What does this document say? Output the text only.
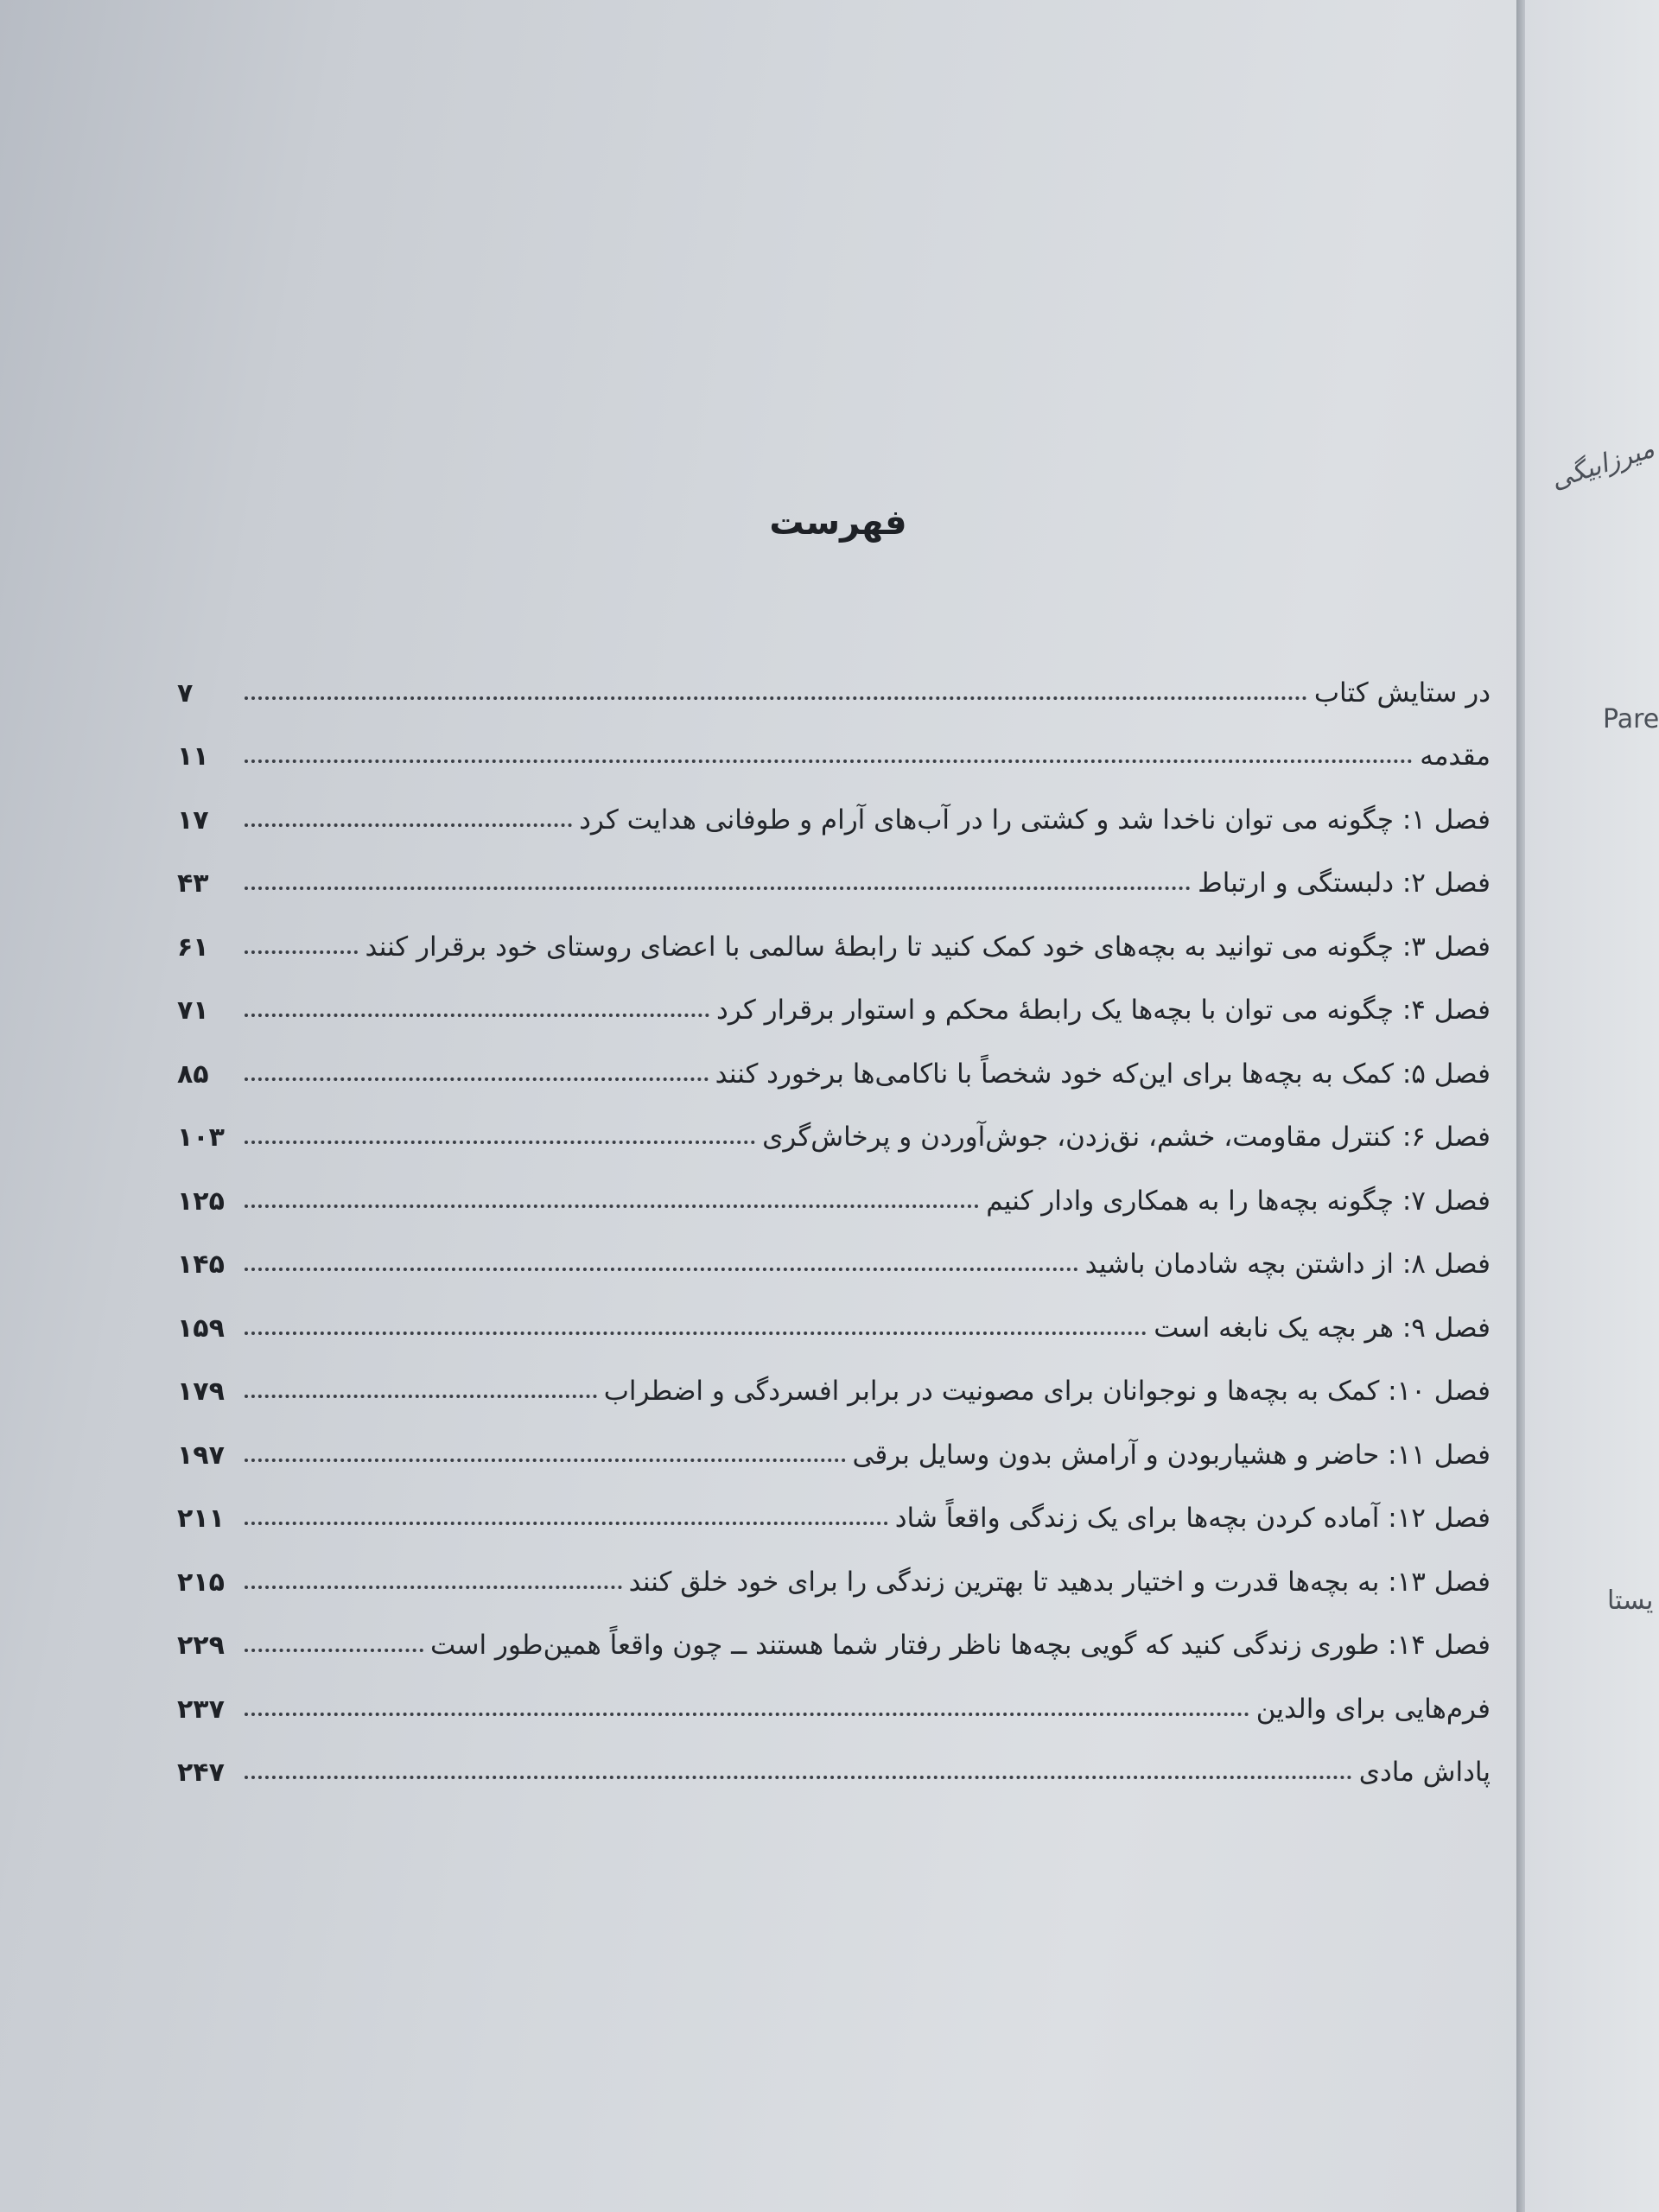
فهرست
در ستایش کتاب
۷
مقدمه
۱۱
فصل ۱: چگونه می توان ناخدا شد و کشتی را در آب‌های آرام و طوفانی هدایت کرد
۱۷
فصل ۲: دلبستگی و ارتباط
۴۳
فصل ۳: چگونه می توانید به بچه‌های خود کمک کنید تا رابطهٔ سالمی با اعضای روستای خود برقرار کنند
۶۱
فصل ۴: چگونه می توان با بچه‌ها یک رابطهٔ محکم و استوار برقرار کرد
۷۱
فصل ۵: کمک به بچه‌ها برای این‌که خود شخصاً با ناکامی‌ها برخورد کنند
۸۵
فصل ۶: کنترل مقاومت، خشم، نق‌زدن، جوش‌آوردن و پرخاش‌گری
۱۰۳
فصل ۷: چگونه بچه‌ها را به همکاری وادار کنیم
۱۲۵
فصل ۸: از داشتن بچه شادمان باشید
۱۴۵
فصل ۹: هر بچه یک نابغه است
۱۵۹
فصل ۱۰: کمک به بچه‌ها و نوجوانان برای مصونیت در برابر افسردگی و اضطراب
۱۷۹
فصل ۱۱: حاضر و هشیاربودن و آرامش بدون وسایل برقی
۱۹۷
فصل ۱۲: آماده کردن بچه‌ها برای یک زندگی واقعاً شاد
۲۱۱
فصل ۱۳: به بچه‌ها قدرت و اختیار بدهید تا بهترین زندگی را برای خود خلق کنند
۲۱۵
فصل ۱۴: طوری زندگی کنید که گویی بچه‌ها ناظر رفتار شما هستند ــ چون واقعاً همین‌طور است
۲۲۹
فرم‌هایی برای والدین
۲۳۷
پاداش مادی
۲۴۷
میرزابیگی
Pare
یستا
